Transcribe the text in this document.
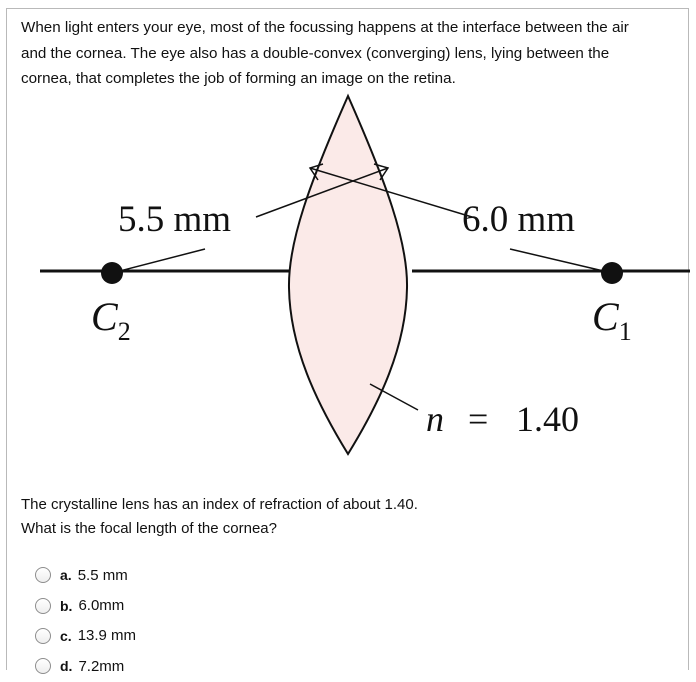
When light enters your eye, most of the focussing happens at the interface between the air
and the cornea. The eye also has a double-convex (converging) lens, lying between the
cornea, that completes the job of forming an image on the retina.
5.5 mm	6.0 mm
$C_2$	$C_1$
n = 1.40
The crystalline lens has an index of refraction of about 1.40.
What is the focal length of the cornea?
a. 5.5 mm
b. 6.0mm
c. 13.9 mm
d. 7.2mm
